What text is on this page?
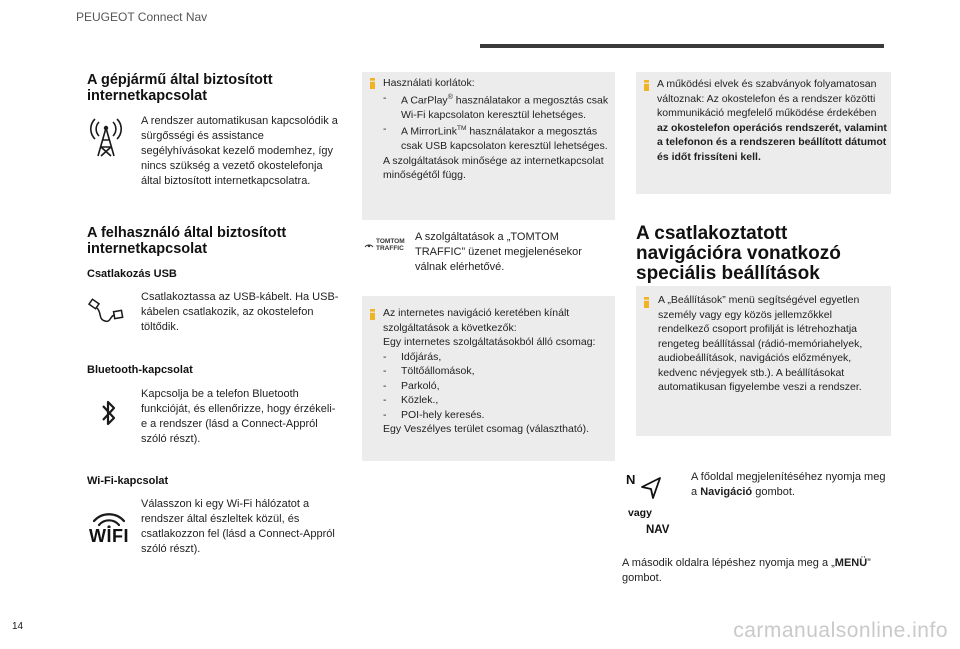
PEUGEOT Connect Nav
A gépjármű által biztosított internetkapcsolat
A rendszer automatikusan kapcsolódik a sürgősségi és assistance segélyhívásokat kezelő modemhez, így nincs szükség a vezető okostelefonja által biztosított internetkapcsolatra.
A felhasználó által biztosított internetkapcsolat
Csatlakozás USB
Csatlakoztassa az USB-kábelt. Ha USB-kábelen csatlakozik, az okostelefon töltődik.
Bluetooth-kapcsolat
Kapcsolja be a telefon Bluetooth funkcióját, és ellenőrizze, hogy érzékeli-e a rendszer (lásd a Connect-Appról szóló részt).
Wi-Fi-kapcsolat
WIFI
Válasszon ki egy Wi-Fi hálózatot a rendszer által észleltek közül, és csatlakozzon fel (lásd a Connect-Appról szóló részt).
Használati korlátok:
-	A CarPlay® használatakor a megosztás csak Wi-Fi kapcsolaton keresztül lehetséges.
-	A MirrorLink™ használatakor a megosztás csak USB kapcsolaton keresztül lehetséges.
A szolgáltatások minősége az internetkapcsolat minőségétől függ.
TOMTOM
TRAFFIC
A szolgáltatások a „TOMTOM TRAFFIC” üzenet megjelenésekor válnak elérhetővé.
Az internetes navigáció keretében kínált szolgáltatások a következők:
Egy internetes szolgáltatásokból álló csomag:
-	Időjárás,
-	Töltőállomások,
-	Parkoló,
-	Közlek.,
-	POI-hely keresés.
Egy Veszélyes terület csomag (választható).
A működési elvek és szabványok folyamatosan változnak: Az okostelefon és a rendszer közötti kommunikáció megfelelő működése érdekében az okostelefon operációs rendszerét, valamint a telefonon és a rendszeren beállított dátumot és időt frissíteni kell.
A csatlakoztatott navigációra vonatkozó speciális beállítások
A „Beállítások” menü segítségével egyetlen személy vagy egy közös jellemzőkkel rendelkező csoport profilját is létrehozhatja rengeteg beállítással (rádió-memóriahelyek, audiobeállítások, navigációs előzmények, kedvenc névjegyek stb.). A beállításokat automatikusan figyelembe veszi a rendszer.
N
vagy
NAV
A főoldal megjelenítéséhez nyomja meg a Navigáció gombot.
A második oldalra lépéshez nyomja meg a „MENÜ” gombot.
14	carmanualsonline.info
